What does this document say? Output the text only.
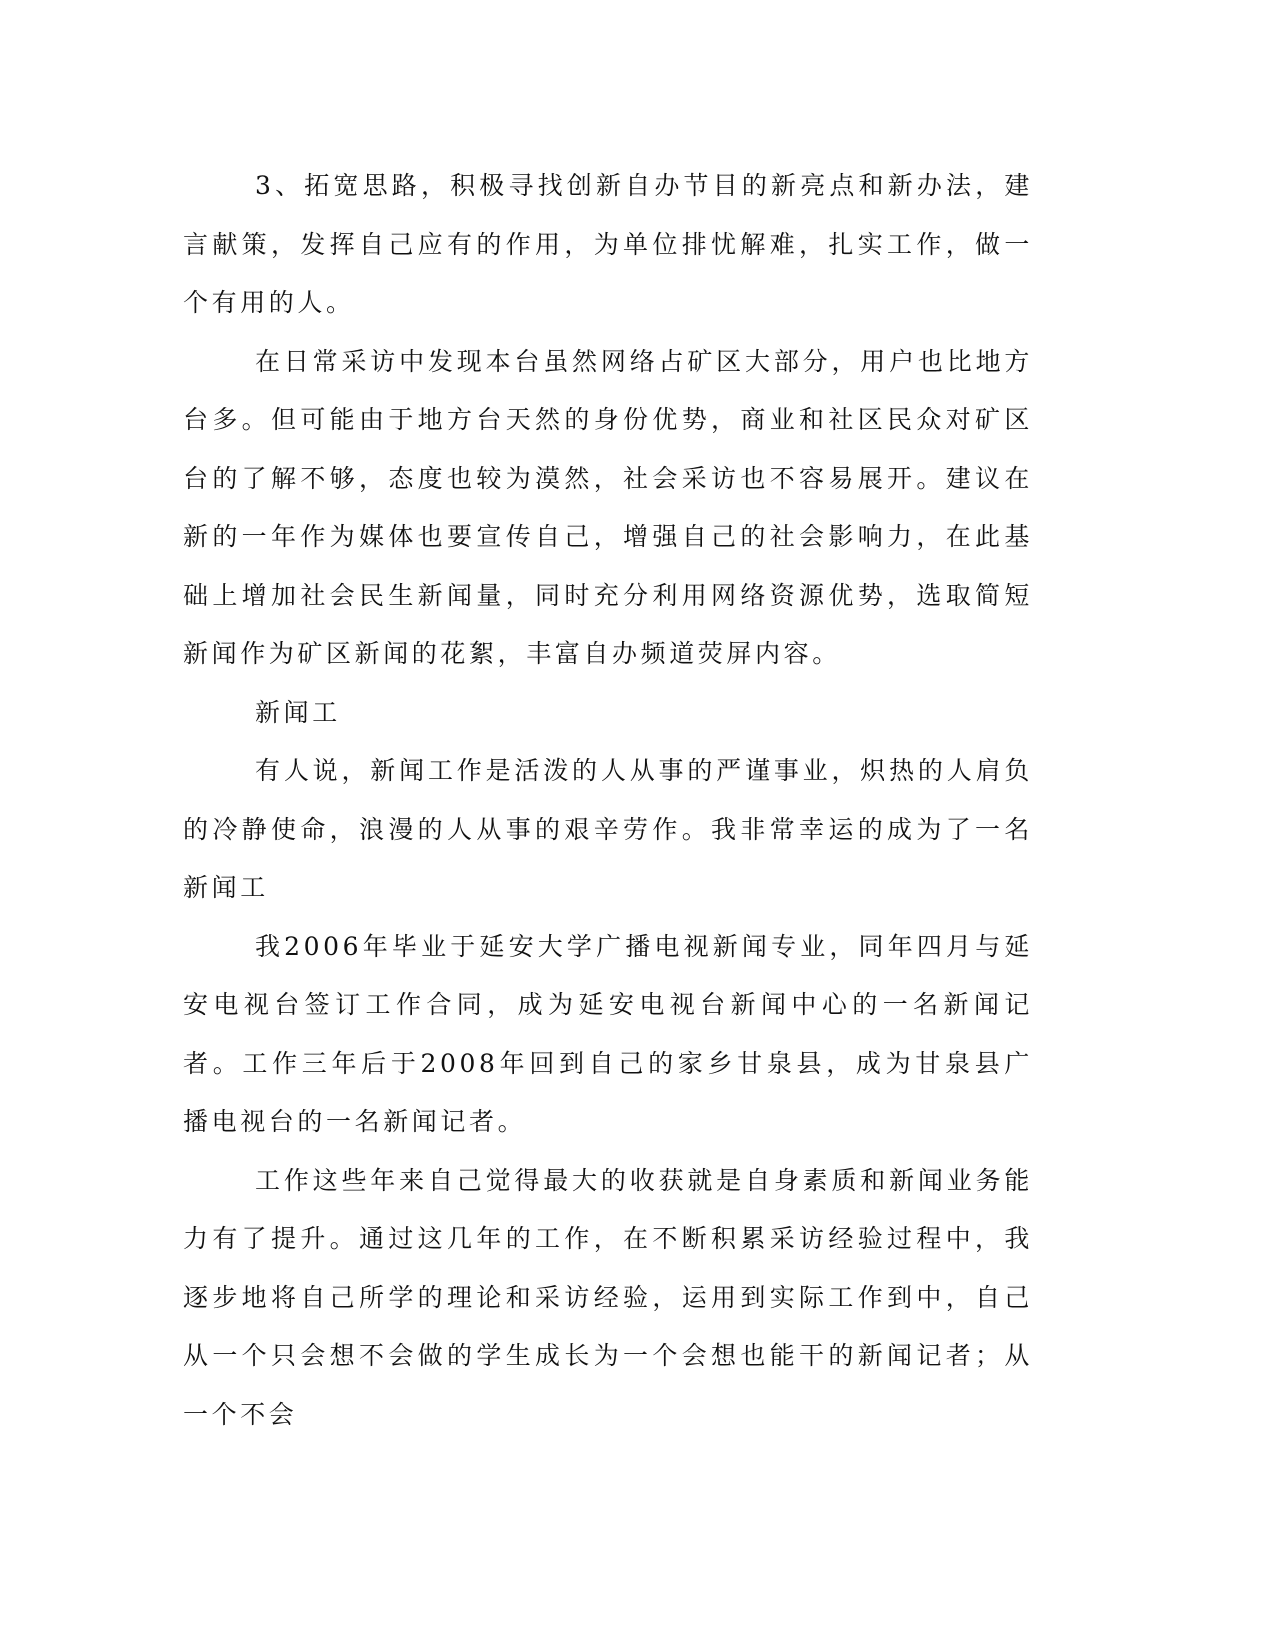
3、拓宽思路，积极寻找创新自办节目的新亮点和新办法，建言献策，发挥自己应有的作用，为单位排忧解难，扎实工作，做一个有用的人。

在日常采访中发现本台虽然网络占矿区大部分，用户也比地方台多。但可能由于地方台天然的身份优势，商业和社区民众对矿区台的了解不够，态度也较为漠然，社会采访也不容易展开。建议在新的一年作为媒体也要宣传自己，增强自己的社会影响力，在此基础上增加社会民生新闻量，同时充分利用网络资源优势，选取简短新闻作为矿区新闻的花絮，丰富自办频道荧屏内容。

新闻工

有人说，新闻工作是活泼的人从事的严谨事业，炽热的人肩负的冷静使命，浪漫的人从事的艰辛劳作。我非常幸运的成为了一名新闻工

我2006年毕业于延安大学广播电视新闻专业，同年四月与延安电视台签订工作合同，成为延安电视台新闻中心的一名新闻记者。工作三年后于2008年回到自己的家乡甘泉县，成为甘泉县广播电视台的一名新闻记者。

工作这些年来自己觉得最大的收获就是自身素质和新闻业务能力有了提升。通过这几年的工作，在不断积累采访经验过程中，我逐步地将自己所学的理论和采访经验，运用到实际工作到中，自己从一个只会想不会做的学生成长为一个会想也能干的新闻记者；从一个不会
